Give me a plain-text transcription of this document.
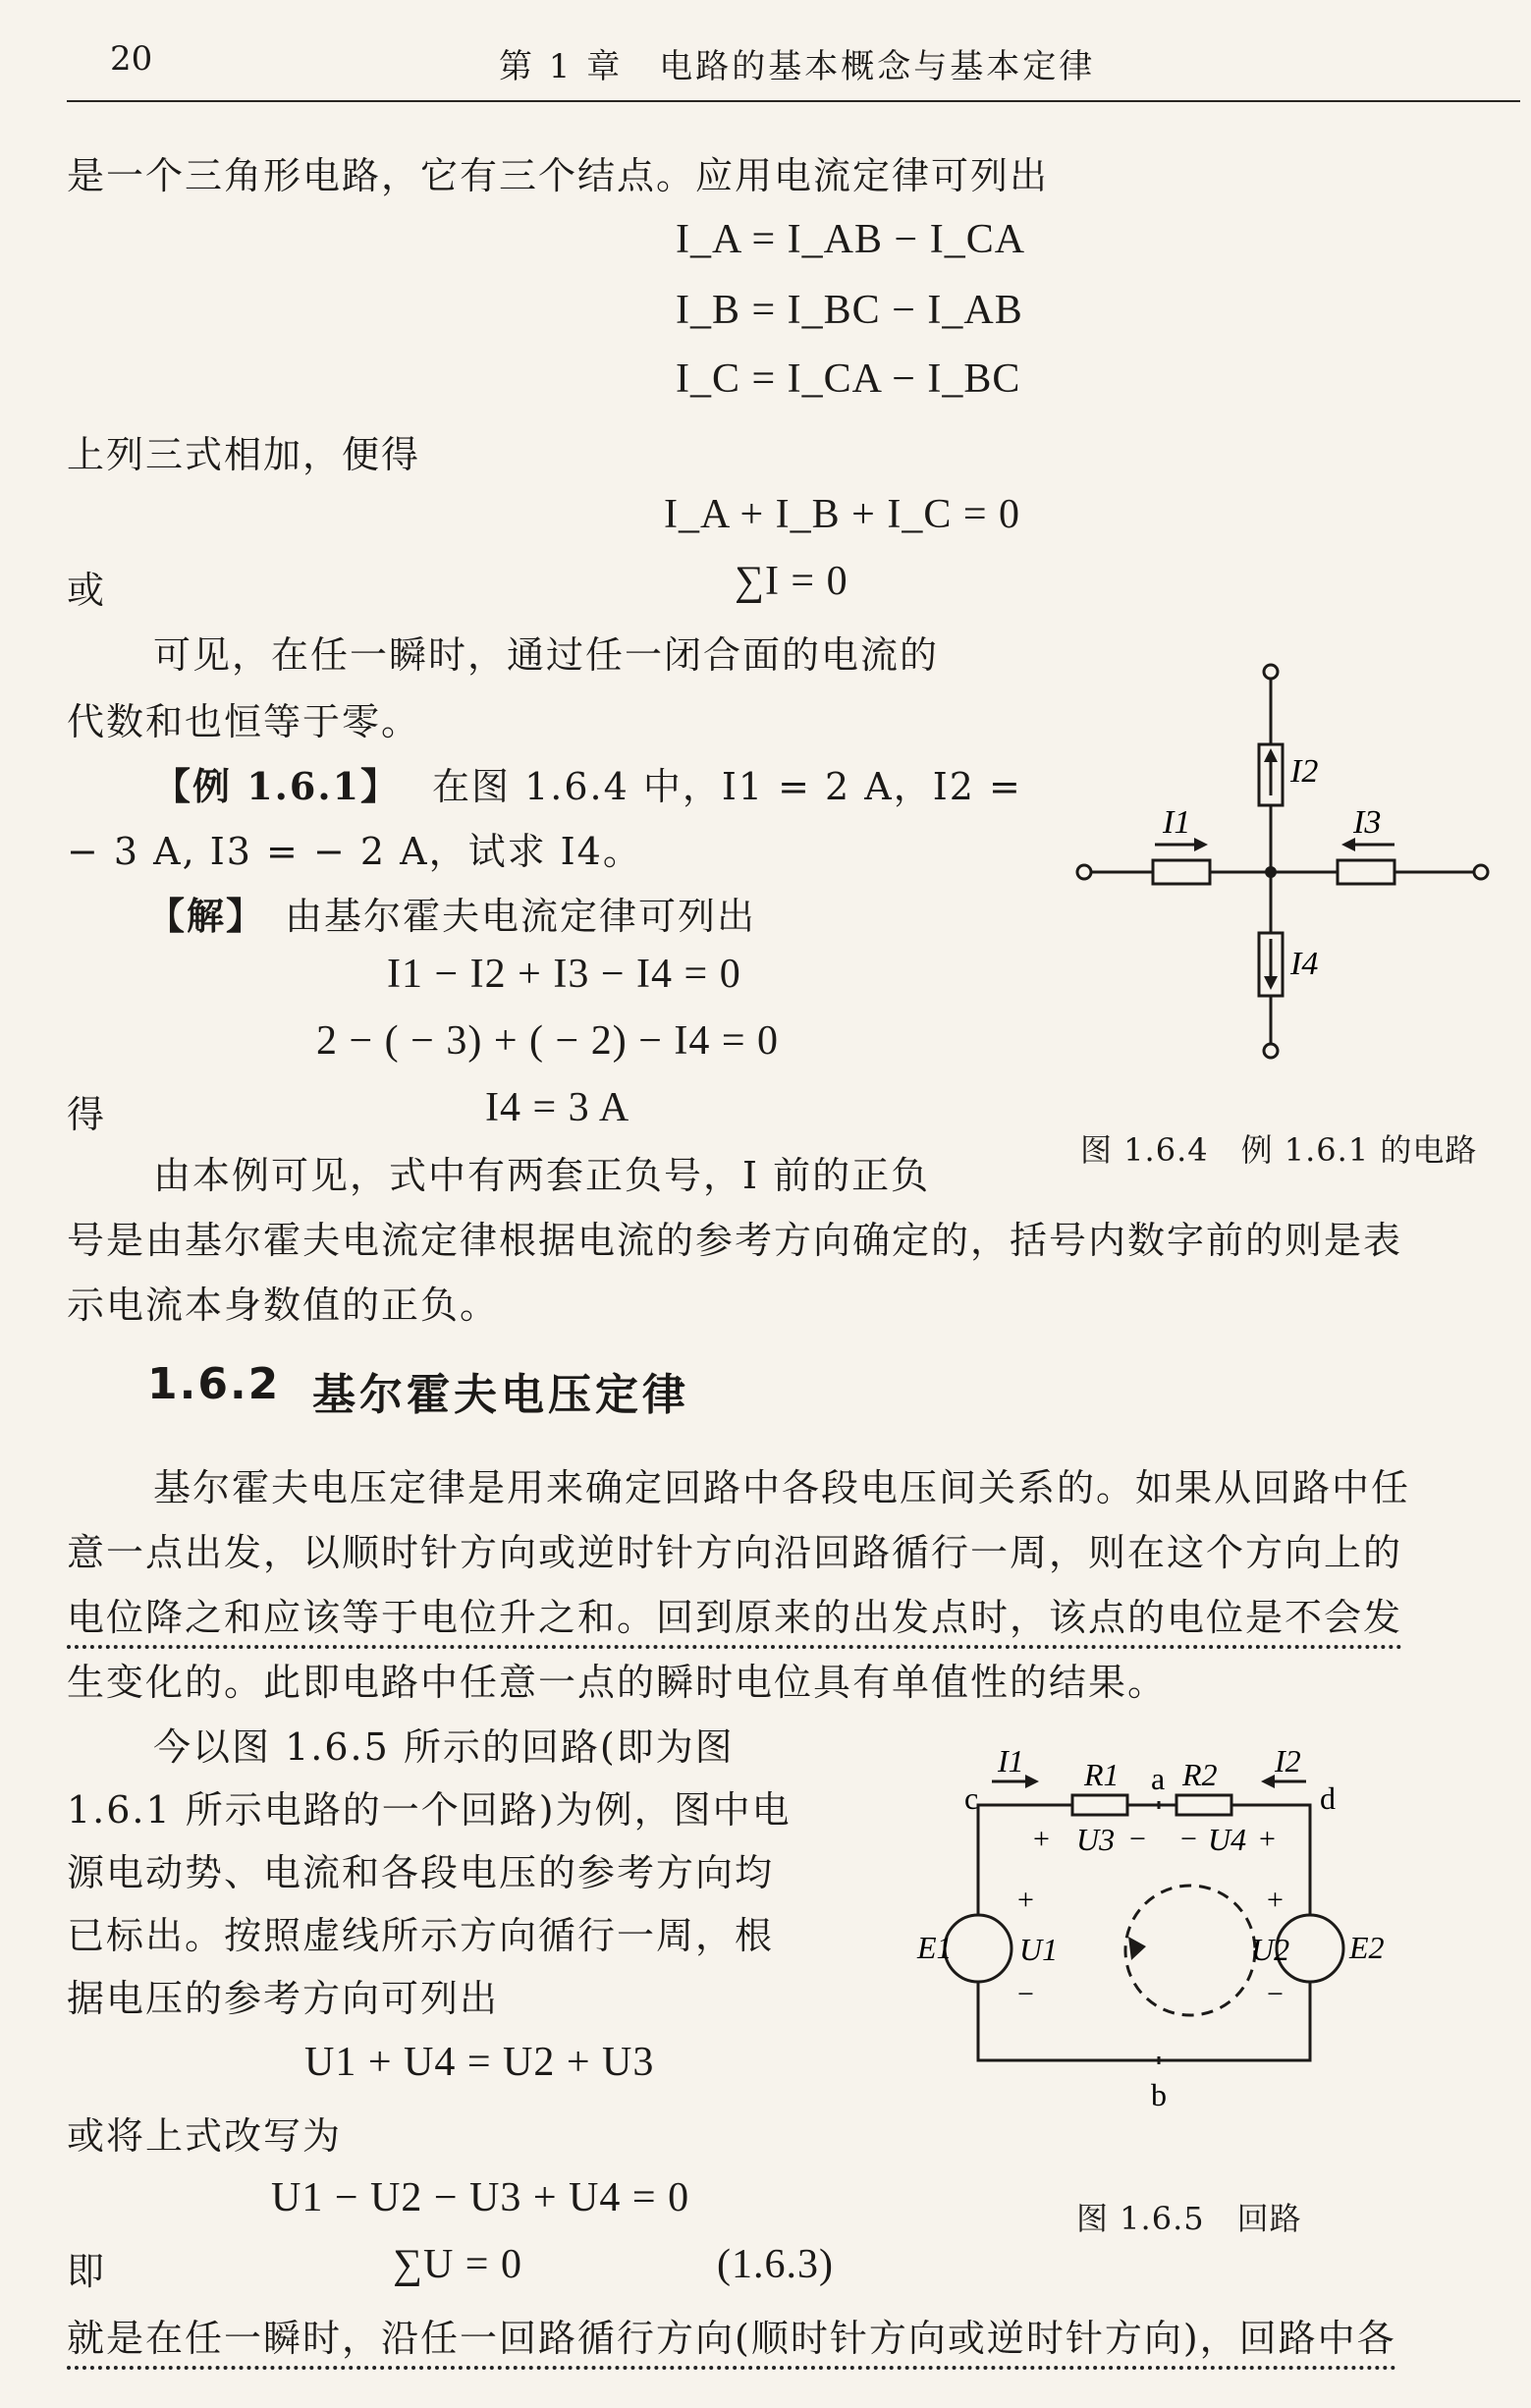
20	第 1 章　电路的基本概念与基本定律
是一个三角形电路，它有三个结点。应用电流定律可列出
I_A = I_AB − I_CA
I_B = I_BC − I_AB
I_C = I_CA − I_BC
上列三式相加，便得
I_A + I_B + I_C = 0
或	∑I = 0
可见，在任一瞬时，通过任一闭合面的电流的
代数和也恒等于零。
【例 1.6.1】 在图 1.6.4 中，I1 = 2 A，I2 =
− 3 A, I3 = − 2 A，试求 I4。
【解】 由基尔霍夫电流定律可列出
I1 − I2 + I3 − I4 = 0
2 − ( − 3) + ( − 2) − I4 = 0
得	I4 = 3 A
由本例可见，式中有两套正负号，I 前的正负
号是由基尔霍夫电流定律根据电流的参考方向确定的，括号内数字前的则是表
示电流本身数值的正负。
I1	I3
I2
I4
图 1.6.4　例 1.6.1 的电路
1.6.2 基尔霍夫电压定律
基尔霍夫电压定律是用来确定回路中各段电压间关系的。如果从回路中任
意一点出发，以顺时针方向或逆时针方向沿回路循行一周，则在这个方向上的
电位降之和应该等于电位升之和。回到原来的出发点时，该点的电位是不会发
生变化的。此即电路中任意一点的瞬时电位具有单值性的结果。
今以图 1.6.5 所示的回路(即为图
1.6.1 所示电路的一个回路)为例，图中电
源电动势、电流和各段电压的参考方向均
已标出。按照虚线所示方向循行一周，根
据电压的参考方向可列出
U1 + U4 = U2 + U3
或将上式改写为
U1 − U2 − U3 + U4 = 0
即	∑U = 0	(1.6.3)
就是在任一瞬时，沿任一回路循行方向(顺时针方向或逆时针方向)，回路中各
c	d
a
b
I1	I2
R1 R2
+ U3 − − U4 +
E1
+
U1
−
E2
+
U2
−
图 1.6.5　回路
